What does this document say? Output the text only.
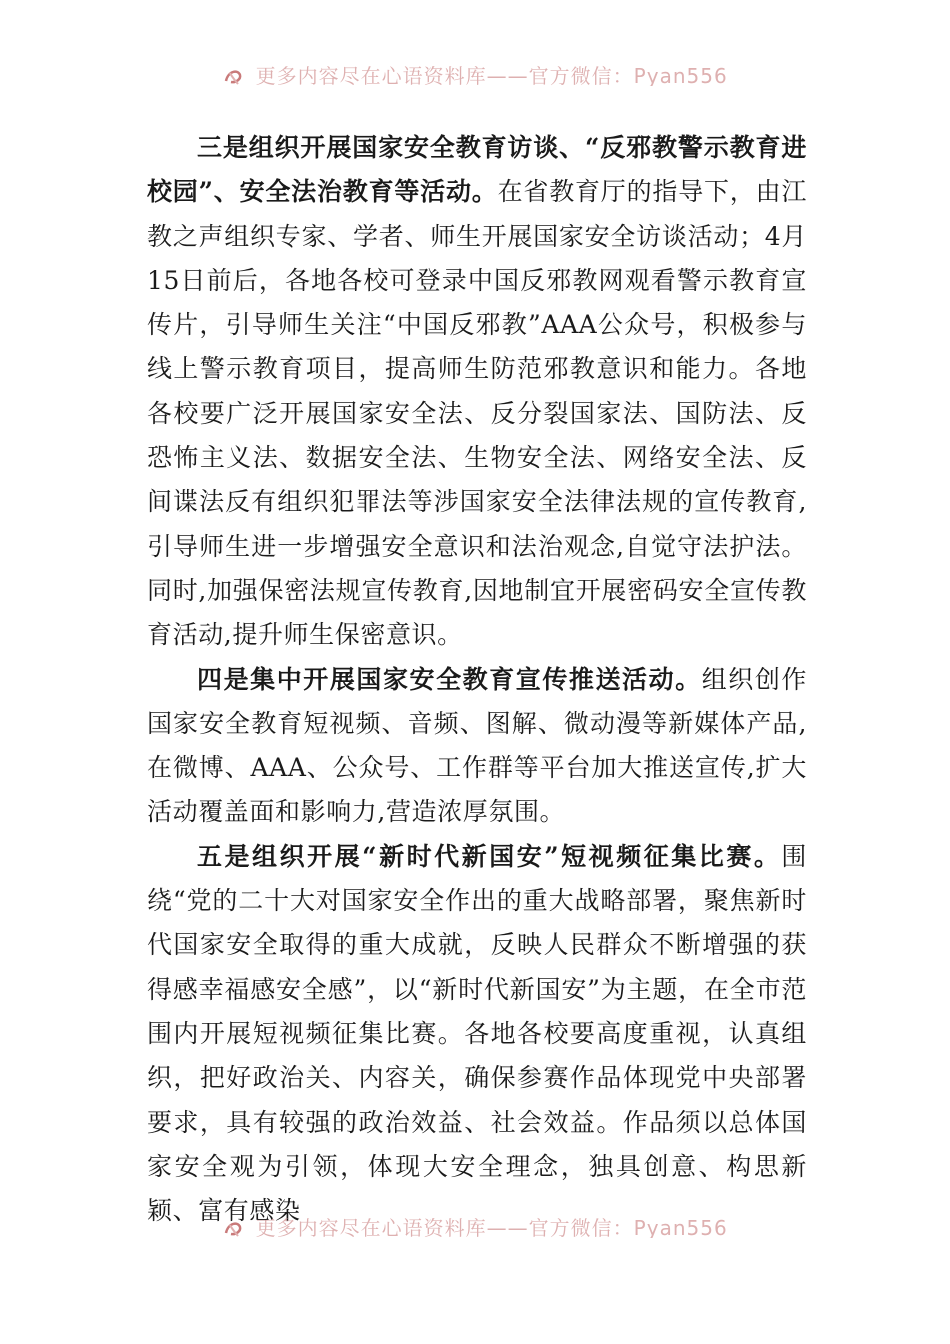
更多内容尽在心语资料库——官方微信：Pyan556

三是组织开展国家安全教育访谈、“反邪教警示教育进校园”、安全法治教育等活动。在省教育厅的指导下，由江教之声组织专家、学者、师生开展国家安全访谈活动；4月15日前后，各地各校可登录中国反邪教网观看警示教育宣传片，引导师生关注“中国反邪教”AAA公众号，积极参与线上警示教育项目，提高师生防范邪教意识和能力。各地各校要广泛开展国家安全法、反分裂国家法、国防法、反恐怖主义法、数据安全法、生物安全法、网络安全法、反间谍法反有组织犯罪法等涉国家安全法律法规的宣传教育,引导师生进一步增强安全意识和法治观念,自觉守法护法。同时,加强保密法规宣传教育,因地制宜开展密码安全宣传教育活动,提升师生保密意识。

四是集中开展国家安全教育宣传推送活动。组织创作国家安全教育短视频、音频、图解、微动漫等新媒体产品,在微博、AAA、公众号、工作群等平台加大推送宣传,扩大活动覆盖面和影响力,营造浓厚氛围。

五是组织开展“新时代新国安”短视频征集比赛。围绕“党的二十大对国家安全作出的重大战略部署，聚焦新时代国家安全取得的重大成就，反映人民群众不断增强的获得感幸福感安全感”，以“新时代新国安”为主题，在全市范围内开展短视频征集比赛。各地各校要高度重视，认真组织，把好政治关、内容关，确保参赛作品体现党中央部署要求，具有较强的政治效益、社会效益。作品须以总体国家安全观为引领，体现大安全理念，独具创意、构思新颖、富有感染

更多内容尽在心语资料库——官方微信：Pyan556
